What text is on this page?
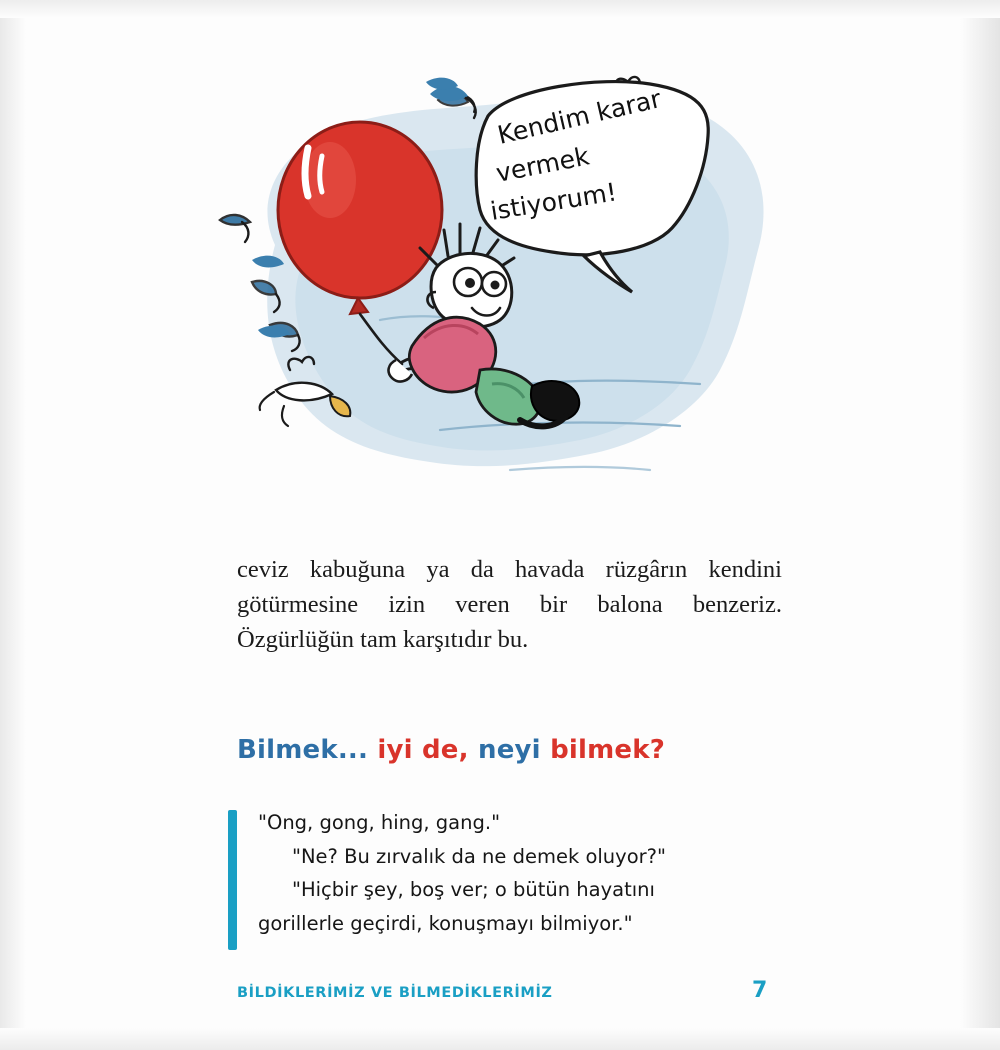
Kendim karar
vermek
istiyorum!

ceviz kabuğuna ya da havada rüzgârın kendini götürmesine izin veren bir balona benzeriz. Özgürlüğün tam karşıtıdır bu.

Bilmek... iyi de, neyi bilmek?
"Ong, gong, hing, gang."
"Ne? Bu zırvalık da ne demek oluyor?"
"Hiçbir şey, boş ver; o bütün hayatını
gorillerle geçirdi, konuşmayı bilmiyor."
BİLDİKLERİMİZ VE BİLMEDİKLERİMİZ	7
